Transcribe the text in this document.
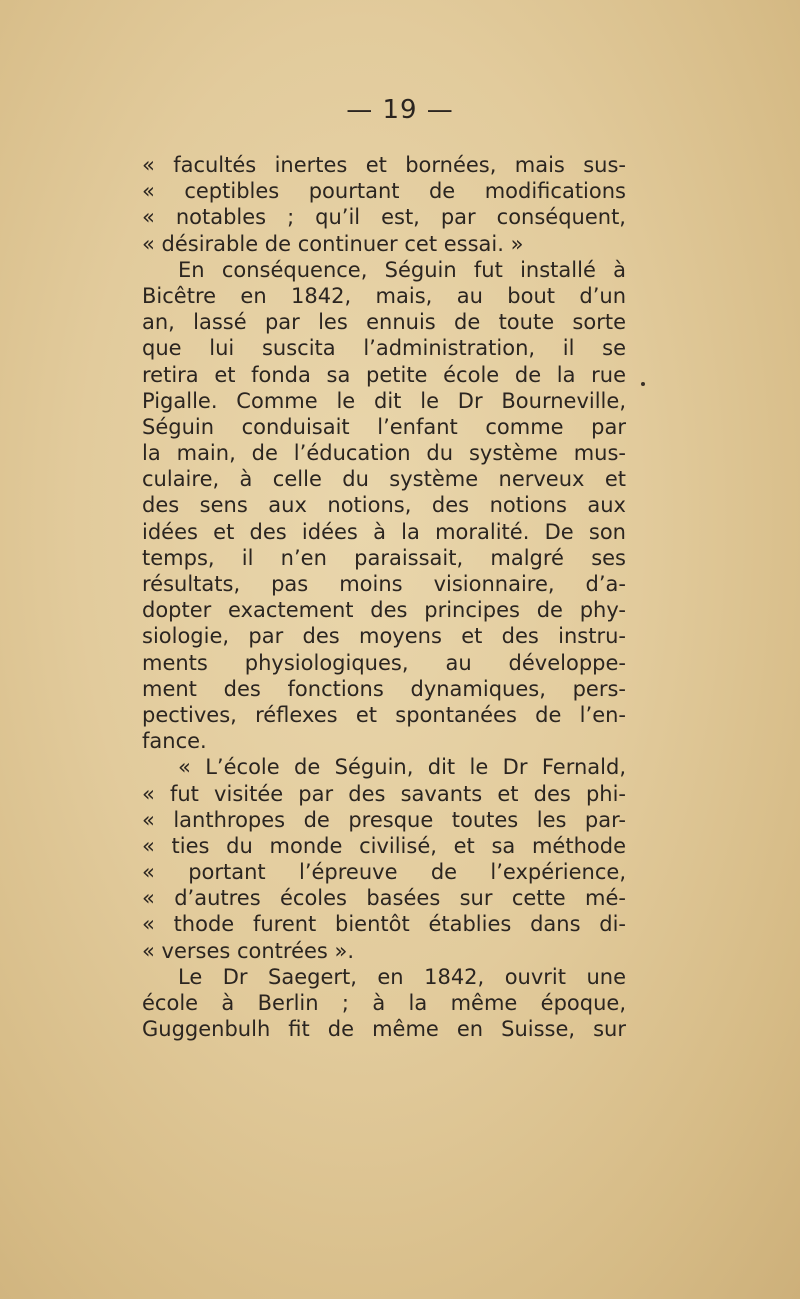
— 19 —
« facultés inertes et bornées, mais sus-
« ceptibles pourtant de modifications
« notables ; qu’il est, par conséquent,
« désirable de continuer cet essai. »
En conséquence, Séguin fut installé à
Bicêtre en 1842, mais, au bout d’un
an, lassé par les ennuis de toute sorte
que lui suscita l’administration, il se
retira et fonda sa petite école de la rue
Pigalle. Comme le dit le Dr Bourneville,
Séguin conduisait l’enfant comme par
la main, de l’éducation du système mus-
culaire, à celle du système nerveux et
des sens aux notions, des notions aux
idées et des idées à la moralité. De son
temps, il n’en paraissait, malgré ses
résultats, pas moins visionnaire, d’a-
dopter exactement des principes de phy-
siologie, par des moyens et des instru-
ments physiologiques, au développe-
ment des fonctions dynamiques, pers-
pectives, réflexes et spontanées de l’en-
fance.
« L’école de Séguin, dit le Dr Fernald,
« fut visitée par des savants et des phi-
« lanthropes de presque toutes les par-
« ties du monde civilisé, et sa méthode
« portant l’épreuve de l’expérience,
« d’autres écoles basées sur cette mé-
« thode furent bientôt établies dans di-
« verses contrées ».
Le Dr Saegert, en 1842, ouvrit une
école à Berlin ; à la même époque,
Guggenbulh fit de même en Suisse, sur
